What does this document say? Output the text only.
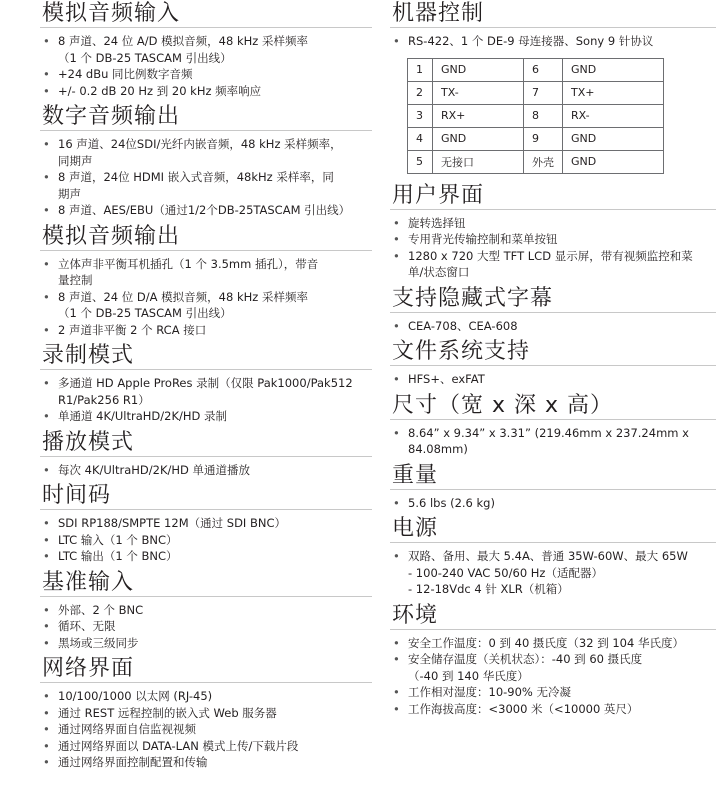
模拟音频输入
• 8 声道、24 位 A/D 模拟音频，48 kHz 采样频率
（1 个 DB-25 TASCAM 引出线）
• +24 dBu 同比例数字音频
• +/- 0.2 dB 20 Hz 到 20 kHz 频率响应
数字音频输出
• 16 声道、24位SDI/光纤内嵌音频，48 kHz 采样频率，
同期声
• 8 声道，24位 HDMI 嵌入式音频，48kHz 采样率，同
期声
• 8 声道、AES/EBU（通过1/2个DB-25TASCAM 引出线）
模拟音频输出
• 立体声非平衡耳机插孔（1 个 3.5mm 插孔），带音
量控制
• 8 声道、24 位 D/A 模拟音频，48 kHz 采样频率
（1 个 DB-25 TASCAM 引出线）
• 2 声道非平衡 2 个 RCA 接口
录制模式
• 多通道 HD Apple ProRes 录制（仅限 Pak1000/Pak512
R1/Pak256 R1）
• 单通道 4K/UltraHD/2K/HD 录制
播放模式
• 每次 4K/UltraHD/2K/HD 单通道播放
时间码
• SDI RP188/SMPTE 12M（通过 SDI BNC）
• LTC 输入（1 个 BNC）
• LTC 输出（1 个 BNC）
基准输入
• 外部、2 个 BNC
• 循环、无限
• 黑场或三级同步
网络界面
• 10/100/1000 以太网 (RJ-45)
• 通过 REST 远程控制的嵌入式 Web 服务器
• 通过网络界面自信监视视频
• 通过网络界面以 DATA-LAN 模式上传/下载片段
• 通过网络界面控制配置和传输
机器控制
• RS-422、1 个 DE-9 母连接器、Sony 9 针协议
1	GND	6	GND
2	TX-	7	TX+
3	RX+	8	RX-
4	GND	9	GND
5	无接口	外壳	GND
用户界面
• 旋转选择钮
• 专用背光传输控制和菜单按钮
• 1280 x 720 大型 TFT LCD 显示屏，带有视频监控和菜
单/状态窗口
支持隐藏式字幕
• CEA-708、CEA-608
文件系统支持
• HFS+、exFAT
尺寸（宽 x 深 x 高）
• 8.64” x 9.34” x 3.31” (219.46mm x 237.24mm x 84.08mm)
重量
• 5.6 lbs (2.6 kg)
电源
• 双路、备用、最大 5.4A、普通 35W-60W、最大 65W
- 100-240 VAC 50/60 Hz（适配器）
- 12-18Vdc 4 针 XLR（机箱）
环境
• 安全工作温度：0 到 40 摄氏度（32 到 104 华氏度）
• 安全储存温度（关机状态）：-40 到 60 摄氏度
（-40 到 140 华氏度）
• 工作相对湿度：10-90% 无冷凝
• 工作海拔高度：<3000 米（<10000 英尺）
